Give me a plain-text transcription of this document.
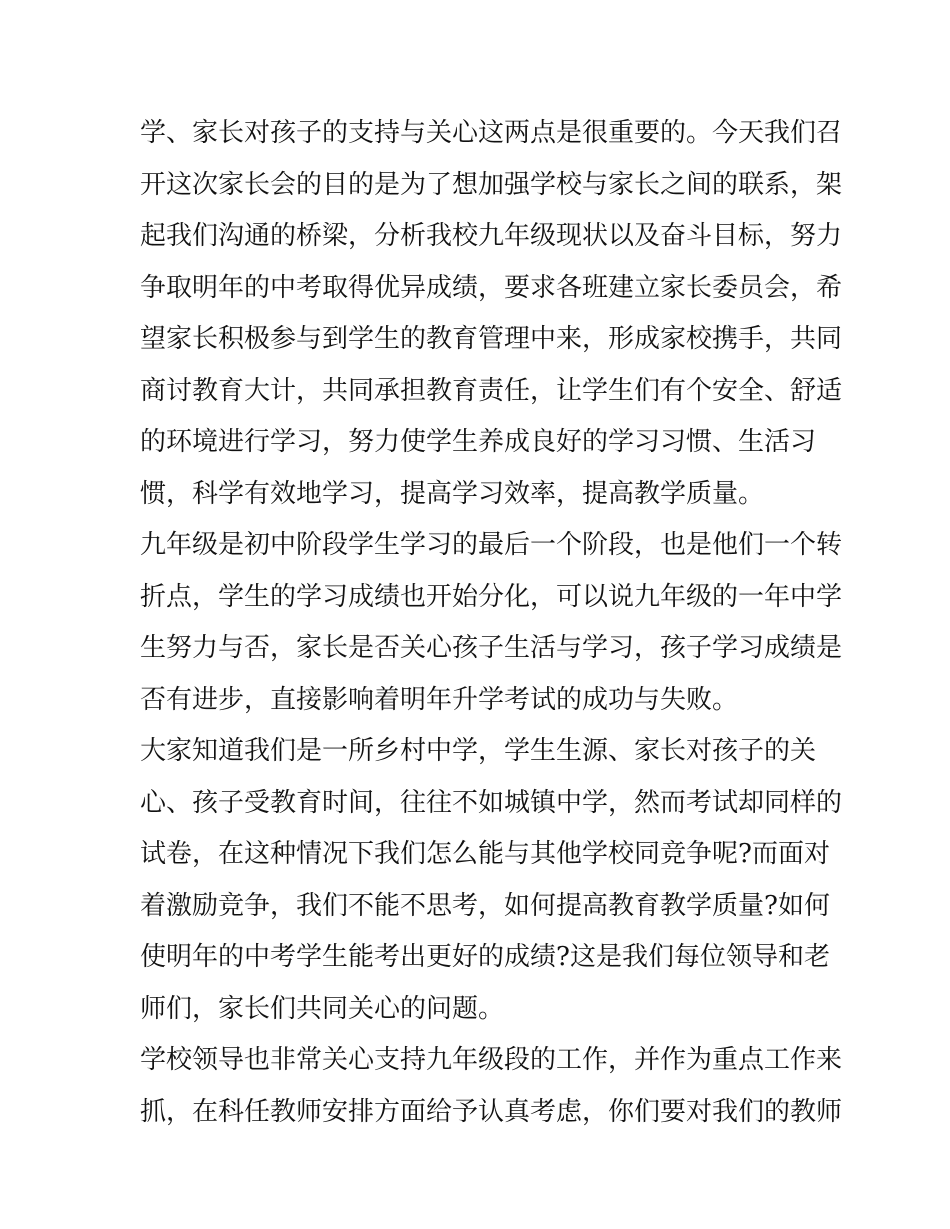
学、家长对孩子的支持与关心这两点是很重要的。今天我们召

开这次家长会的目的是为了想加强学校与家长之间的联系，架

起我们沟通的桥梁，分析我校九年级现状以及奋斗目标，努力

争取明年的中考取得优异成绩，要求各班建立家长委员会，希

望家长积极参与到学生的教育管理中来，形成家校携手，共同

商讨教育大计，共同承担教育责任，让学生们有个安全、舒适

的环境进行学习，努力使学生养成良好的学习习惯、生活习

惯，科学有效地学习，提高学习效率，提高教学质量。

九年级是初中阶段学生学习的最后一个阶段，也是他们一个转

折点，学生的学习成绩也开始分化，可以说九年级的一年中学

生努力与否，家长是否关心孩子生活与学习，孩子学习成绩是

否有进步，直接影响着明年升学考试的成功与失败。

大家知道我们是一所乡村中学，学生生源、家长对孩子的关

心、孩子受教育时间，往往不如城镇中学，然而考试却同样的

试卷，在这种情况下我们怎么能与其他学校同竞争呢?而面对

着激励竞争，我们不能不思考，如何提高教育教学质量?如何

使明年的中考学生能考出更好的成绩?这是我们每位领导和老

师们，家长们共同关心的问题。

学校领导也非常关心支持九年级段的工作，并作为重点工作来

抓，在科任教师安排方面给予认真考虑，你们要对我们的教师
